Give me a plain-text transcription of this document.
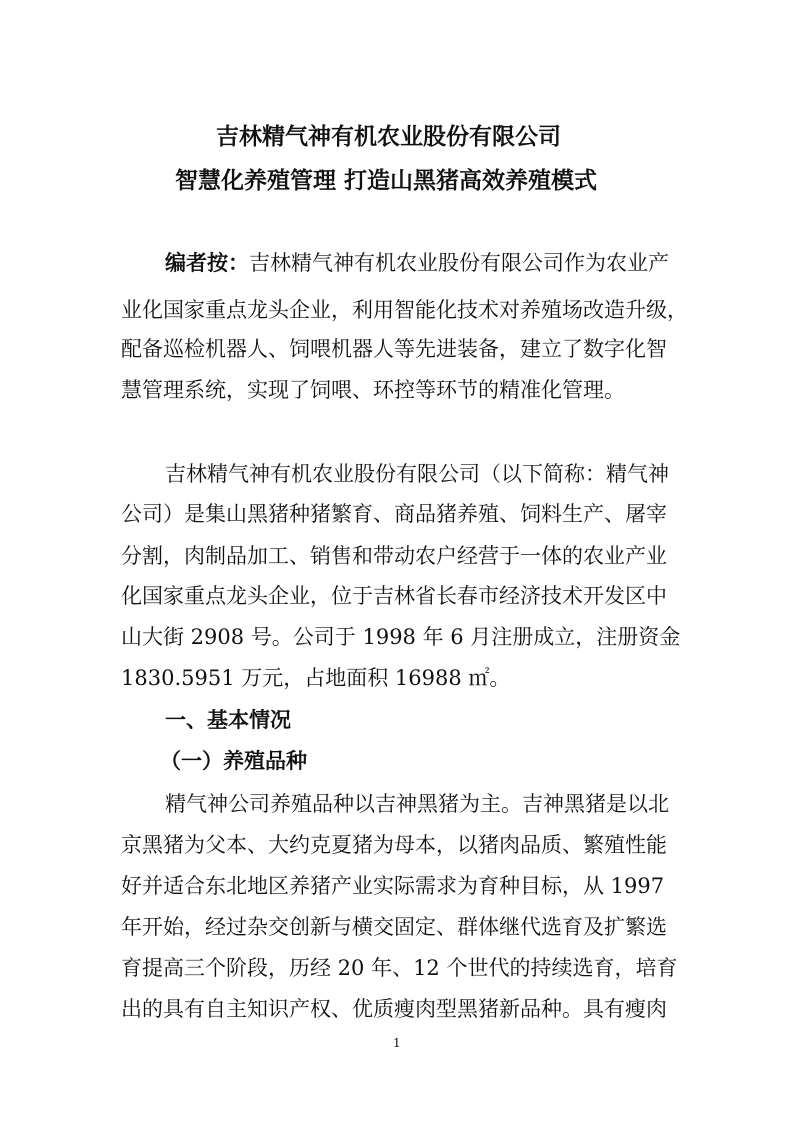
吉林精气神有机农业股份有限公司
智慧化养殖管理 打造山黑猪高效养殖模式
编者按：吉林精气神有机农业股份有限公司作为农业产
业化国家重点龙头企业，利用智能化技术对养殖场改造升级，
配备巡检机器人、饲喂机器人等先进装备，建立了数字化智
慧管理系统，实现了饲喂、环控等环节的精准化管理。
吉林精气神有机农业股份有限公司（以下简称：精气神
公司）是集山黑猪种猪繁育、商品猪养殖、饲料生产、屠宰
分割，肉制品加工、销售和带动农户经营于一体的农业产业
化国家重点龙头企业，位于吉林省长春市经济技术开发区中
山大街 2908 号。公司于 1998 年 6 月注册成立，注册资金
1830.5951 万元，占地面积 16988 ㎡。
一、基本情况
（一）养殖品种
精气神公司养殖品种以吉神黑猪为主。吉神黑猪是以北
京黑猪为父本、大约克夏猪为母本，以猪肉品质、繁殖性能
好并适合东北地区养猪产业实际需求为育种目标，从 1997
年开始，经过杂交创新与横交固定、群体继代选育及扩繁选
育提高三个阶段，历经 20 年、12 个世代的持续选育，培育
出的具有自主知识产权、优质瘦肉型黑猪新品种。具有瘦肉
1
